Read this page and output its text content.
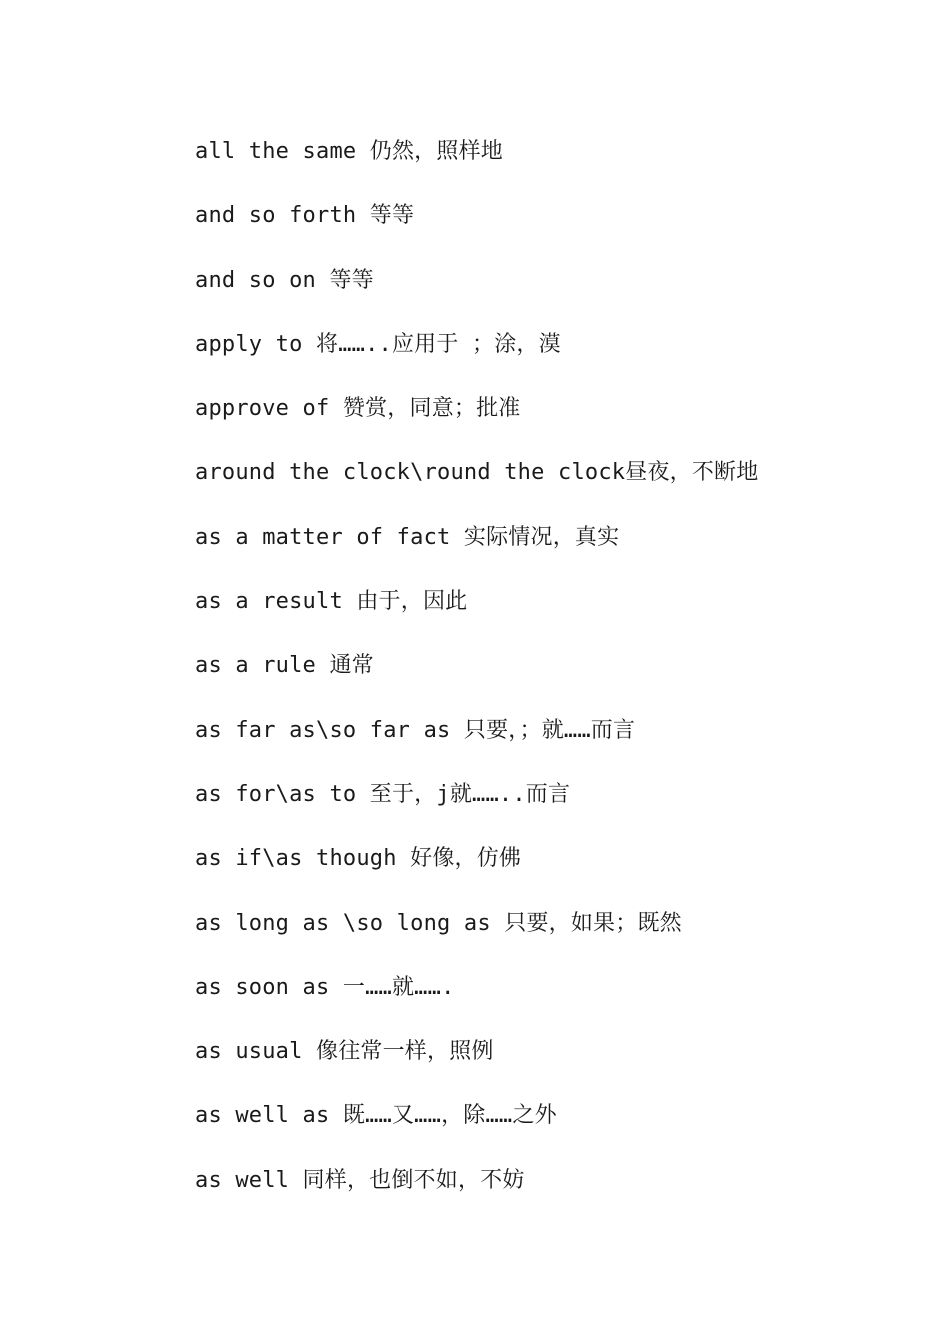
all the same 仍然，照样地
and so forth 等等
and so on 等等
apply to 将……..应用于 ；涂，漠
approve of 赞赏，同意；批准
around the clock\round the clock昼夜，不断地
as a matter of fact 实际情况，真实
as a result 由于，因此
as a rule 通常
as far as\so far as 只要，；就……而言
as for\as to 至于，j就……..而言
as if\as though 好像，仿佛
as long as \so long as 只要，如果；既然
as soon as 一……就…….
as usual 像往常一样，照例
as well as 既……又……，除……之外
as well 同样，也倒不如，不妨
